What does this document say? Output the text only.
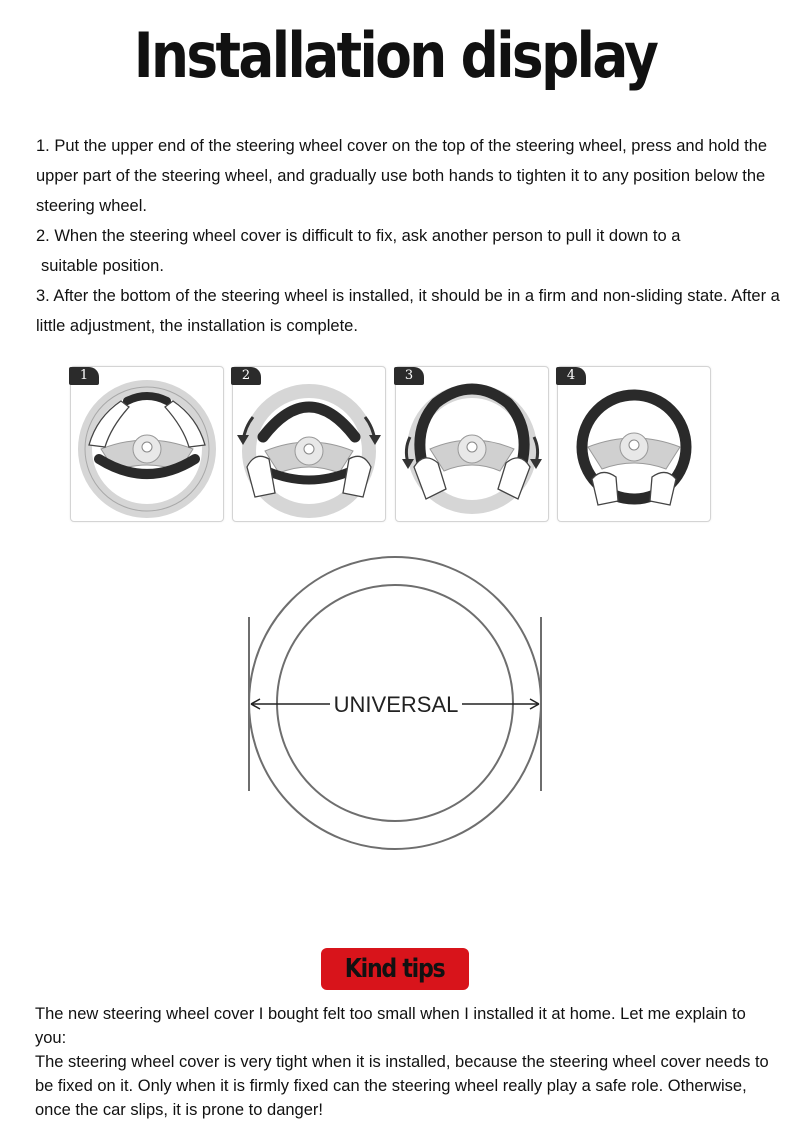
Installation display

1. Put the upper end of the steering wheel cover on the top of the steering wheel, press and hold the upper part of the steering wheel, and gradually use both hands to tighten it to any position below the steering wheel.

2. When the steering wheel cover is difficult to fix, ask another person to pull it down to a

suitable position.

3. After the bottom of the steering wheel is installed, it should be in a firm and non-sliding state. After a little adjustment, the installation is complete.

1	2	3	4
UNIVERSAL
Kind tips

The new steering wheel cover I bought felt too small when I installed it at home. Let me explain to you:

The steering wheel cover is very tight when it is installed, because the steering wheel cover needs to be fixed on it. Only when it is firmly fixed can the steering wheel really play a safe role. Otherwise, once the car slips, it is prone to danger!
